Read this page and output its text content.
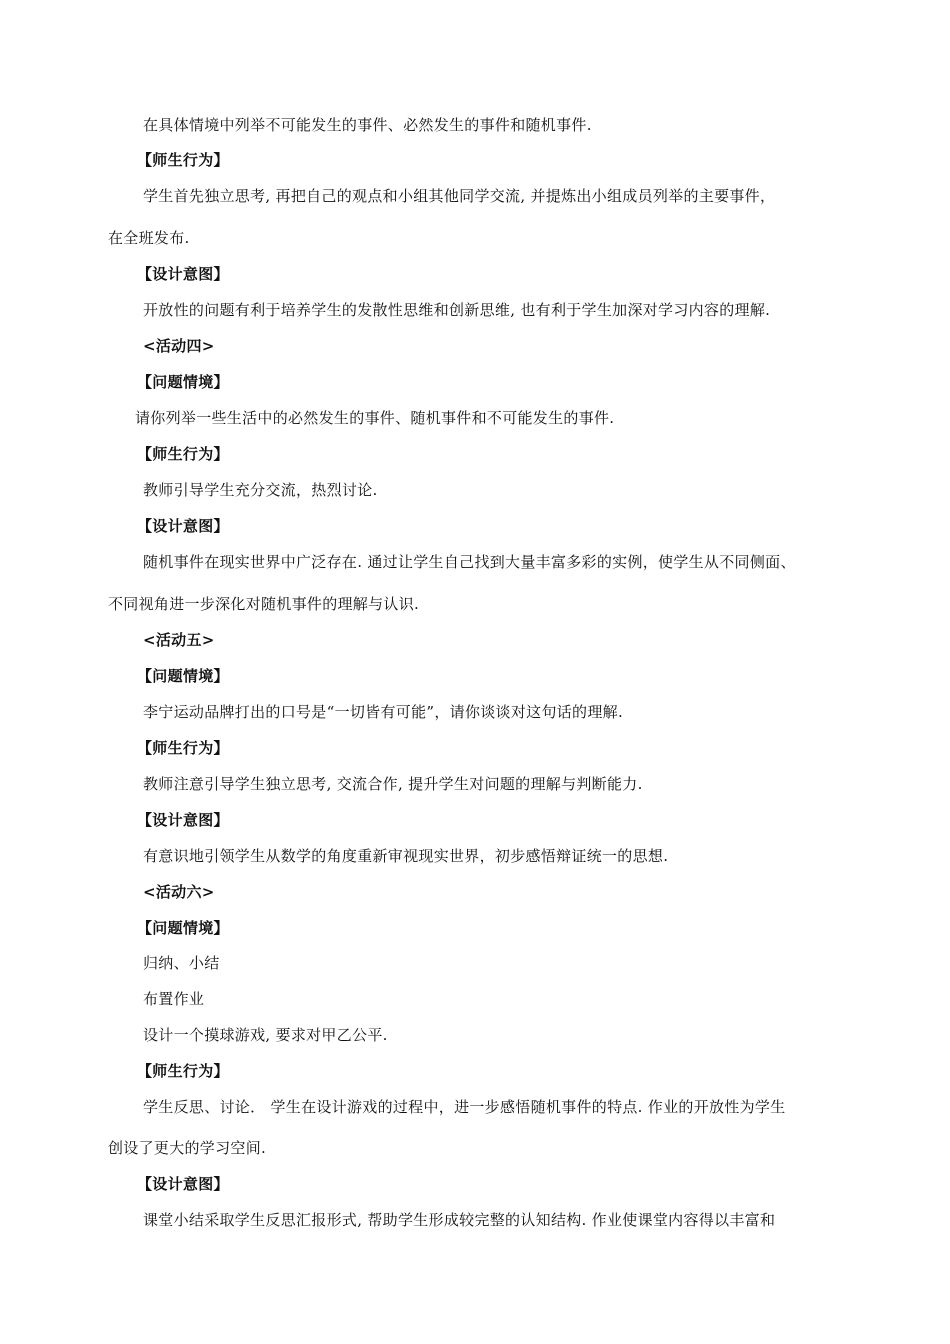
在具体情境中列举不可能发生的事件、必然发生的事件和随机事件.
【师生行为】
学生首先独立思考, 再把自己的观点和小组其他同学交流, 并提炼出小组成员列举的主要事件，
在全班发布.
【设计意图】
开放性的问题有利于培养学生的发散性思维和创新思维, 也有利于学生加深对学习内容的理解.
<活动四>
【问题情境】
请你列举一些生活中的必然发生的事件、随机事件和不可能发生的事件.
【师生行为】
教师引导学生充分交流，热烈讨论.
【设计意图】
随机事件在现实世界中广泛存在. 通过让学生自己找到大量丰富多彩的实例，使学生从不同侧面、
不同视角进一步深化对随机事件的理解与认识.
<活动五>
【问题情境】
李宁运动品牌打出的口号是“一切皆有可能”，请你谈谈对这句话的理解.
【师生行为】
教师注意引导学生独立思考, 交流合作, 提升学生对问题的理解与判断能力.
【设计意图】
有意识地引领学生从数学的角度重新审视现实世界，初步感悟辩证统一的思想.
<活动六>
【问题情境】
归纳、小结
布置作业
设计一个摸球游戏, 要求对甲乙公平.
【师生行为】
学生反思、讨论． 学生在设计游戏的过程中，进一步感悟随机事件的特点. 作业的开放性为学生
创设了更大的学习空间.
【设计意图】
课堂小结采取学生反思汇报形式, 帮助学生形成较完整的认知结构. 作业使课堂内容得以丰富和
